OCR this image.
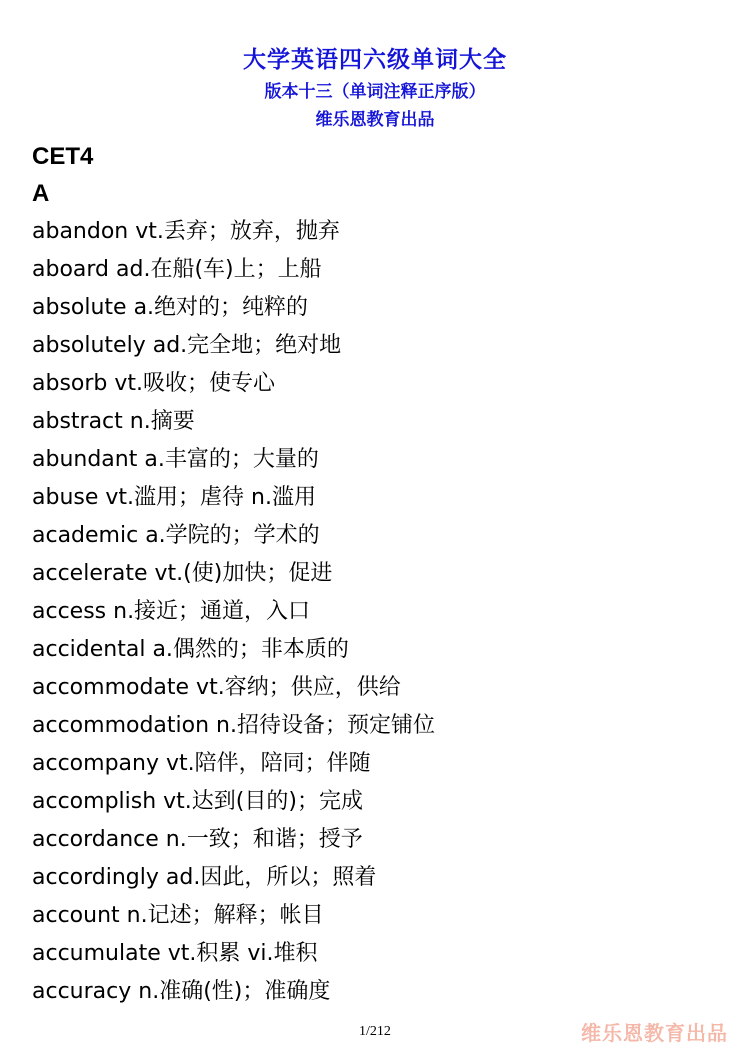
大学英语四六级单词大全
版本十三（单词注释正序版）
维乐恩教育出品
CET4
A
abandon vt.丢弃；放弃，抛弃
aboard ad.在船(车)上；上船
absolute a.绝对的；纯粹的
absolutely ad.完全地；绝对地
absorb vt.吸收；使专心
abstract n.摘要
abundant a.丰富的；大量的
abuse vt.滥用；虐待 n.滥用
academic a.学院的；学术的
accelerate vt.(使)加快；促进
access n.接近；通道，入口
accidental a.偶然的；非本质的
accommodate vt.容纳；供应，供给
accommodation n.招待设备；预定铺位
accompany vt.陪伴，陪同；伴随
accomplish vt.达到(目的)；完成
accordance n.一致；和谐；授予
accordingly ad.因此，所以；照着
account n.记述；解释；帐目
accumulate vt.积累 vi.堆积
accuracy n.准确(性)；准确度
1/212	维乐恩教育出品
